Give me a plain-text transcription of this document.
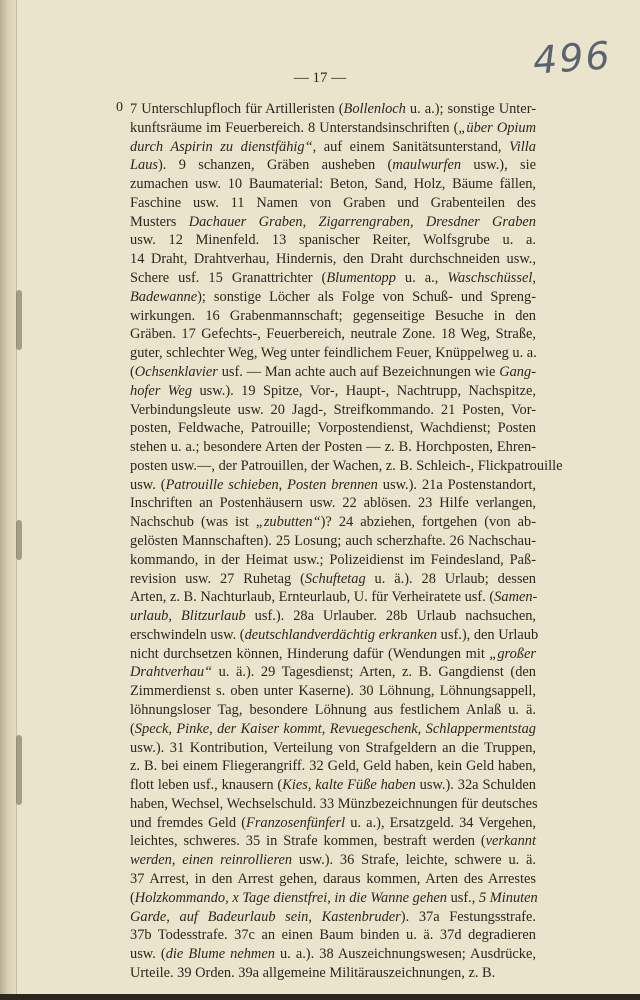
496
— 17 —
0 7 Unterschlupfloch für Artilleristen (Bollenloch u. a.); sonstige Unter-
kunftsräume im Feuerbereich. 8 Unterstandsinschriften („über Opium
durch Aspirin zu dienstfähig“, auf einem Sanitätsunterstand, Villa
Laus). 9 schanzen, Gräben ausheben (maulwurfen usw.), sie
zumachen usw. 10 Baumaterial: Beton, Sand, Holz, Bäume fällen,
Faschine usw. 11 Namen von Graben und Grabenteilen des
Musters Dachauer Graben, Zigarrengraben, Dresdner Graben
usw. 12 Minenfeld. 13 spanischer Reiter, Wolfsgrube u. a.
14 Draht, Drahtverhau, Hindernis, den Draht durchschneiden usw.,
Schere usf. 15 Granattrichter (Blumentopp u. a., Waschschüssel,
Badewanne); sonstige Löcher als Folge von Schuß- und Spreng-
wirkungen. 16 Grabenmannschaft; gegenseitige Besuche in den
Gräben. 17 Gefechts-, Feuerbereich, neutrale Zone. 18 Weg, Straße,
guter, schlechter Weg, Weg unter feindlichem Feuer, Knüppelweg u. a.
(Ochsenklavier usf. — Man achte auch auf Bezeichnungen wie Gang-
hofer Weg usw.). 19 Spitze, Vor-, Haupt-, Nachtrupp, Nachspitze,
Verbindungsleute usw. 20 Jagd-, Streifkommando. 21 Posten, Vor-
posten, Feldwache, Patrouille; Vorpostendienst, Wachdienst; Posten
stehen u. a.; besondere Arten der Posten — z. B. Horchposten, Ehren-
posten usw.—, der Patrouillen, der Wachen, z. B. Schleich-, Flickpatrouille
usw. (Patrouille schieben, Posten brennen usw.). 21a Postenstandort,
Inschriften an Postenhäusern usw. 22 ablösen. 23 Hilfe verlangen,
Nachschub (was ist „zubutten“)? 24 abziehen, fortgehen (von ab-
gelösten Mannschaften). 25 Losung; auch scherzhafte. 26 Nachschau-
kommando, in der Heimat usw.; Polizeidienst im Feindesland, Paß-
revision usw. 27 Ruhetag (Schuftetag u. ä.). 28 Urlaub; dessen
Arten, z. B. Nachturlaub, Ernteurlaub, U. für Verheiratete usf. (Samen-
urlaub, Blitzurlaub usf.). 28a Urlauber. 28b Urlaub nachsuchen,
erschwindeln usw. (deutschlandverdächtig erkranken usf.), den Urlaub
nicht durchsetzen können, Hinderung dafür (Wendungen mit „großer
Drahtverhau“ u. ä.). 29 Tagesdienst; Arten, z. B. Gangdienst (den
Zimmerdienst s. oben unter Kaserne). 30 Löhnung, Löhnungsappell,
löhnungsloser Tag, besondere Löhnung aus festlichem Anlaß u. ä.
(Speck, Pinke, der Kaiser kommt, Revuegeschenk, Schlappermentstag
usw.). 31 Kontribution, Verteilung von Strafgeldern an die Truppen,
z. B. bei einem Fliegerangriff. 32 Geld, Geld haben, kein Geld haben,
flott leben usf., knausern (Kies, kalte Füße haben usw.). 32a Schulden
haben, Wechsel, Wechselschuld. 33 Münzbezeichnungen für deutsches
und fremdes Geld (Franzosenfünferl u. a.), Ersatzgeld. 34 Vergehen,
leichtes, schweres. 35 in Strafe kommen, bestraft werden (verkannt
werden, einen reinrollieren usw.). 36 Strafe, leichte, schwere u. ä.
37 Arrest, in den Arrest gehen, daraus kommen, Arten des Arrestes
(Holzkommando, x Tage dienstfrei, in die Wanne gehen usf., 5 Minuten
Garde, auf Badeurlaub sein, Kastenbruder). 37a Festungsstrafe.
37b Todesstrafe. 37c an einen Baum binden u. ä. 37d degradieren
usw. (die Blume nehmen u. a.). 38 Auszeichnungswesen; Ausdrücke,
Urteile. 39 Orden. 39a allgemeine Militärauszeichnungen, z. B.
